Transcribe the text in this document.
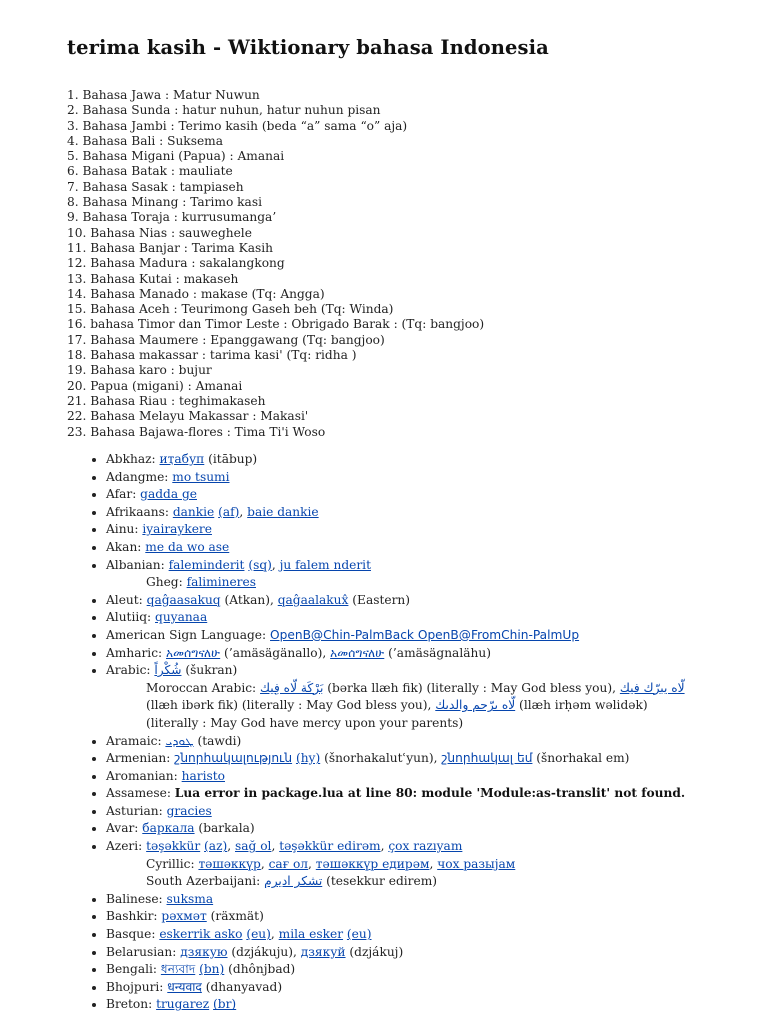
terima kasih - Wiktionary bahasa Indonesia
1. Bahasa Jawa : Matur Nuwun
2. Bahasa Sunda : hatur nuhun, hatur nuhun pisan
3. Bahasa Jambi : Terimo kasih (beda “a” sama “o” aja)
4. Bahasa Bali : Suksema
5. Bahasa Migani (Papua) : Amanai
6. Bahasa Batak : mauliate
7. Bahasa Sasak : tampiaseh
8. Bahasa Minang : Tarimo kasi
9. Bahasa Toraja : kurrusumanga’
10. Bahasa Nias : sauweghele
11. Bahasa Banjar : Tarima Kasih
12. Bahasa Madura : sakalangkong
13. Bahasa Kutai : makaseh
14. Bahasa Manado : makase (Tq: Angga)
15. Bahasa Aceh : Teurimong Gaseh beh (Tq: Winda)
16. bahasa Timor dan Timor Leste : Obrigado Barak : (Tq: bangjoo)
17. Bahasa Maumere : Epanggawang (Tq: bangjoo)
18. Bahasa makassar : tarima kasi' (Tq: ridha )
19. Bahasa karo : bujur
20. Papua (migani) : Amanai
21. Bahasa Riau : teghimakaseh
22. Bahasa Melayu Makassar : Makasi'
23. Bahasa Bajawa-flores : Tima Ti'i Woso
• Abkhaz: иҭабуп (itābup)
• Adangme: mo tsumi
• Afar: gadda ge
• Afrikaans: dankie (af), baie dankie
• Ainu: iyairaykere
• Akan: me da wo ase
• Albanian: faleminderit (sq), ju falem nderit
Gheg: falimineres
• Aleut: qaĝaasakuq (Atkan), qaĝaalakux̂ (Eastern)
• Alutiiq: quyanaa
• American Sign Language: OpenB@Chin-PalmBack OpenB@FromChin-PalmUp
• Amharic: አመሰግናለሁ (’amäsägänallo), አመሰግናለሁ (’amäsägnalähu)
• Arabic: شُكْراً (šukran)
Moroccan Arabic: بَرْكَة لّاه فِيك (bərka llæh fik) (literally : May God bless you), لّاه يبرّك فيك
(llæh ibərk fik) (literally : May God bless you), لّاه يرّحم والديك (llæh irḥəm wəlidək)
(literally : May God have mercy upon your parents)
• Aramaic: ܛܘܕܝ (tawdi)
• Armenian: շնորհակալություն (hy) (šnorhakalutʿyun), շնորհակալ եմ (šnorhakal em)
• Aromanian: haristo
• Assamese: Lua error in package.lua at line 80: module 'Module:as-translit' not found.
• Asturian: gracies
• Avar: баркала (barkala)
• Azeri: təşəkkür (az), sağ ol, təşəkkür edirəm, çox razıyam
Cyrillic: тәшәккүр, сағ ол, тәшәккүр едирәм, чох разыјам
South Azerbaijani: تشکر ادیرم (tesekkur edirem)
• Balinese: suksma
• Bashkir: рәхмәт (räxmät)
• Basque: eskerrik asko (eu), mila esker (eu)
• Belarusian: дзякую (dzjákuju), дзякуй (dzjákuj)
• Bengali: ধন্যবাদ (bn) (dhônjbad)
• Bhojpuri: धन्यवाद (dhanyavad)
• Breton: trugarez (br)
